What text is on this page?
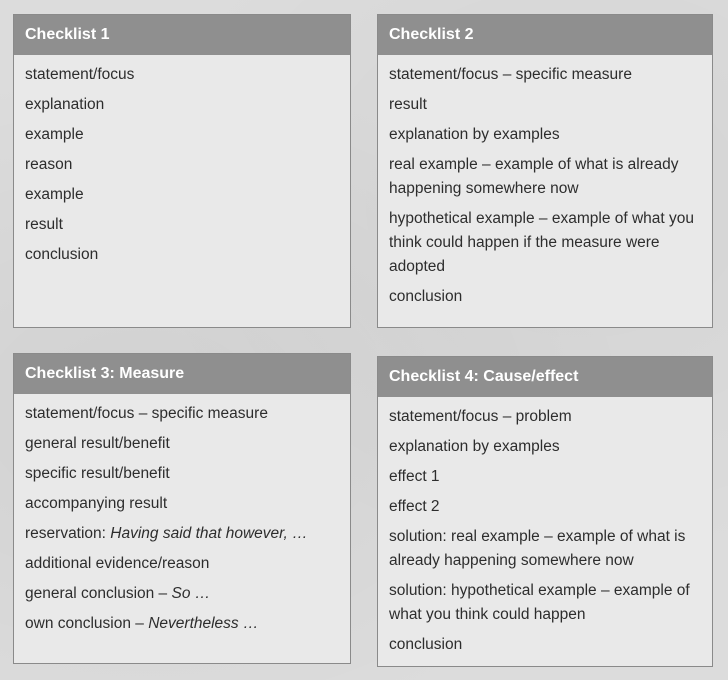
Checklist 1

statement/focus

explanation

example

reason

example

result

conclusion

Checklist 2

statement/focus – specific measure

result

explanation by examples

real example – example of what is already happening somewhere now

hypothetical example – example of what you think could happen if the measure were adopted

conclusion

Checklist 3: Measure

statement/focus – specific measure

general result/benefit

specific result/benefit

accompanying result

reservation: Having said that however, …

additional evidence/reason

general conclusion – So …

own conclusion – Nevertheless …

Checklist 4: Cause/effect

statement/focus – problem

explanation by examples

effect 1

effect 2

solution: real example – example of what is already happening somewhere now

solution: hypothetical example – example of what you think could happen

conclusion
